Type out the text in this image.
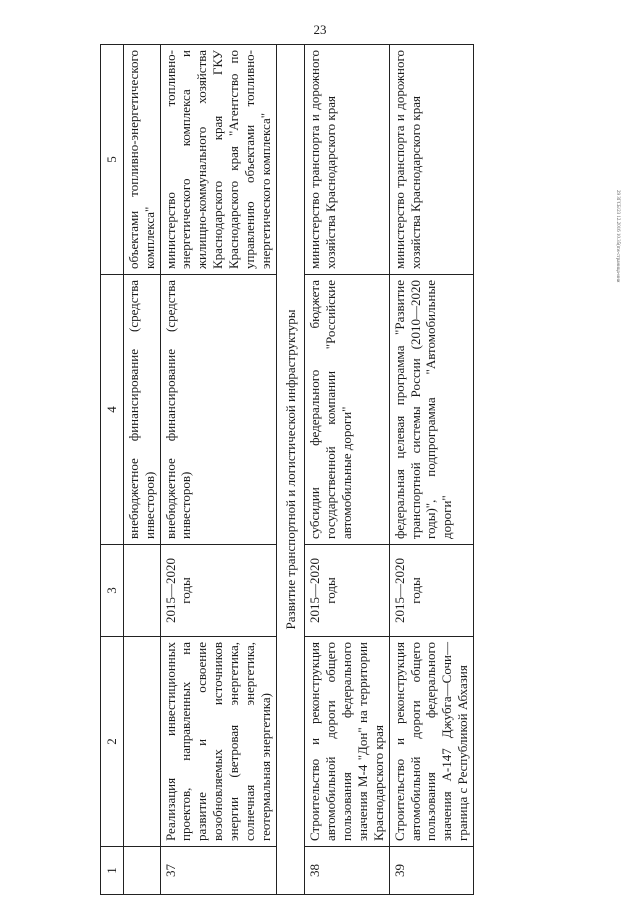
23
29 ЗГСБ/23 12.2016 10.35(ms-страница-ини
1	2	3	4	5
			внебюджетное финансирование (средства инвесторов)	объектами топливно-энергетического комплекса"
37	Реализация инвестиционных проектов, направленных на развитие и освоение возобновляемых источников энергии (ветровая энергетика, солнечная энергетика, геотермальная энергетика)	2015—2020 годы	внебюджетное финансирование (средства инвесторов)	министерство топливно-энергетического комплекса и жилищно-коммунального хозяйства Краснодарского края ГКУ Краснодарского края "Агентство по управлению объектами топливно-энергетического комплекса"
Развитие транспортной и логистической инфраструктуры				
38	Строительство и реконструкция автомобильной дороги общего пользования федерального значения М-4 "Дон" на территории Краснодарского края	2015—2020 годы	субсидии федерального бюджета государственной компании "Российские автомобильные дороги"	министерство транспорта и дорожного хозяйства Краснодарского края
39	Строительство и реконструкция автомобильной дороги общего пользования федерального значения А-147 Джубга—Сочи—граница с Республикой Абхазия	2015—2020 годы	федеральная целевая программа "Развитие транспортной системы России (2010—2020 годы)", подпрограмма "Автомобильные дороги"	министерство транспорта и дорожного хозяйства Краснодарского края
